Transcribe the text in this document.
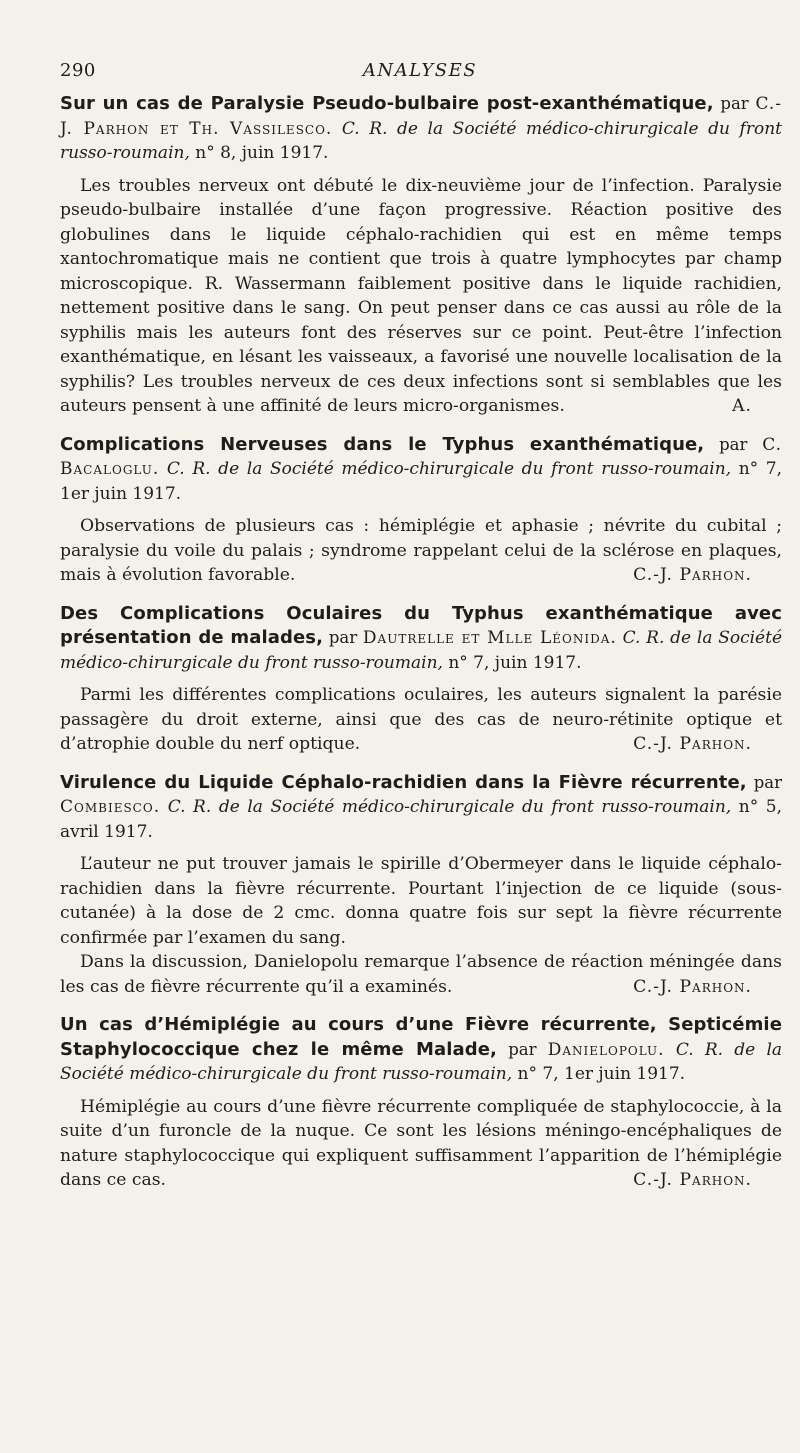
290	ANALYSES

Sur un cas de Paralysie Pseudo-bulbaire post-exanthématique, par C.-J. Parhon et Th. Vassilesco. C. R. de la Société médico-chirurgicale du front russo-roumain, n° 8, juin 1917.

Les troubles nerveux ont débuté le dix-neuvième jour de l’infection. Paralysie pseudo-bulbaire installée d’une façon progressive. Réaction positive des globulines dans le liquide céphalo-rachidien qui est en même temps xantochromatique mais ne contient que trois à quatre lymphocytes par champ microscopique. R. Wassermann faiblement positive dans le liquide rachidien, nettement positive dans le sang. On peut penser dans ce cas aussi au rôle de la syphilis mais les auteurs font des réserves sur ce point. Peut-être l’infection exanthématique, en lésant les vaisseaux, a favorisé une nouvelle localisation de la syphilis? Les troubles nerveux de ces deux infections sont si semblables que les auteurs pensent à une affinité de leurs micro-organismes.	A.

Complications Nerveuses dans le Typhus exanthématique, par C. Bacaloglu. C. R. de la Société médico-chirurgicale du front russo-roumain, n° 7, 1er juin 1917.

Observations de plusieurs cas : hémiplégie et aphasie ; névrite du cubital ; paralysie du voile du palais ; syndrome rappelant celui de la sclérose en plaques, mais à évolution favorable.	C.-J. Parhon.

Des Complications Oculaires du Typhus exanthématique avec présentation de malades, par Dautrelle et Mlle Léonida. C. R. de la Société médico-chirurgicale du front russo-roumain, n° 7, juin 1917.

Parmi les différentes complications oculaires, les auteurs signalent la parésie passagère du droit externe, ainsi que des cas de neuro-rétinite optique et d’atrophie double du nerf optique.	C.-J. Parhon.

Virulence du Liquide Céphalo-rachidien dans la Fièvre récurrente, par Combiesco. C. R. de la Société médico-chirurgicale du front russo-roumain, n° 5, avril 1917.

L’auteur ne put trouver jamais le spirille d’Obermeyer dans le liquide céphalo-rachidien dans la fièvre récurrente. Pourtant l’injection de ce liquide (sous-cutanée) à la dose de 2 cmc. donna quatre fois sur sept la fièvre récurrente confirmée par l’examen du sang.

Dans la discussion, Danielopolu remarque l’absence de réaction méningée dans les cas de fièvre récurrente qu’il a examinés.	C.-J. Parhon.

Un cas d’Hémiplégie au cours d’une Fièvre récurrente, Septicémie Staphylococcique chez le même Malade, par Danielopolu. C. R. de la Société médico-chirurgicale du front russo-roumain, n° 7, 1er juin 1917.

Hémiplégie au cours d’une fièvre récurrente compliquée de staphylococcie, à la suite d’un furoncle de la nuque. Ce sont les lésions méningo-encéphaliques de nature staphylococcique qui expliquent suffisamment l’apparition de l’hémiplégie dans ce cas.	C.-J. Parhon.
